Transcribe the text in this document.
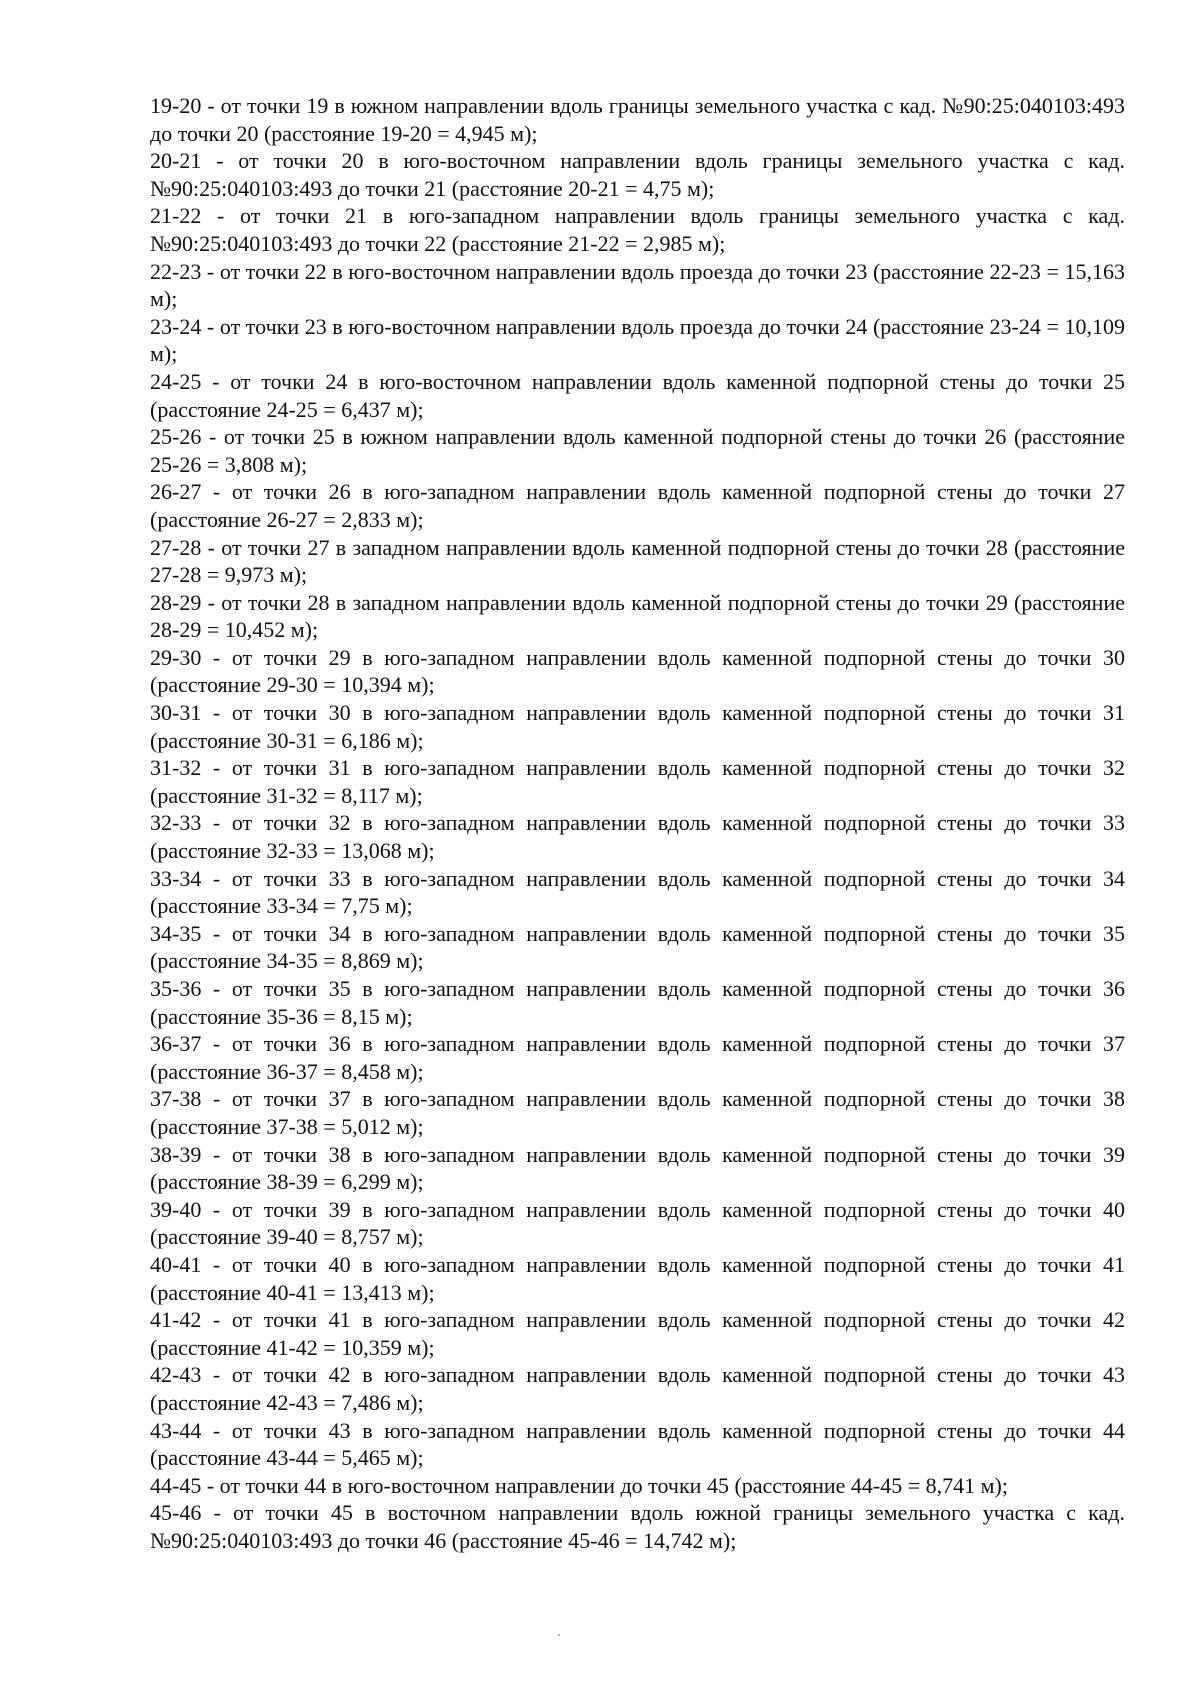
19-20 - от точки 19 в южном направлении вдоль границы земельного участка с кад. №90:25:040103:493 до точки 20 (расстояние 19-20 = 4,945 м);

20-21 - от точки 20 в юго-восточном направлении вдоль границы земельного участка с кад. №90:25:040103:493 до точки 21 (расстояние 20-21 = 4,75 м);

21-22 - от точки 21 в юго-западном направлении вдоль границы земельного участка с кад. №90:25:040103:493 до точки 22 (расстояние 21-22 = 2,985 м);

22-23 - от точки 22 в юго-восточном направлении вдоль проезда до точки 23 (расстояние 22-23 = 15,163 м);

23-24 - от точки 23 в юго-восточном направлении вдоль проезда до точки 24 (расстояние 23-24 = 10,109 м);

24-25 - от точки 24 в юго-восточном направлении вдоль каменной подпорной стены до точки 25 (расстояние 24-25 = 6,437 м);

25-26 - от точки 25 в южном направлении вдоль каменной подпорной стены до точки 26 (расстояние 25-26 = 3,808 м);

26-27 - от точки 26 в юго-западном направлении вдоль каменной подпорной стены до точки 27 (расстояние 26-27 = 2,833 м);

27-28 - от точки 27 в западном направлении вдоль каменной подпорной стены до точки 28 (расстояние 27-28 = 9,973 м);

28-29 - от точки 28 в западном направлении вдоль каменной подпорной стены до точки 29 (расстояние 28-29 = 10,452 м);

29-30 - от точки 29 в юго-западном направлении вдоль каменной подпорной стены до точки 30 (расстояние 29-30 = 10,394 м);

30-31 - от точки 30 в юго-западном направлении вдоль каменной подпорной стены до точки 31 (расстояние 30-31 = 6,186 м);

31-32 - от точки 31 в юго-западном направлении вдоль каменной подпорной стены до точки 32 (расстояние 31-32 = 8,117 м);

32-33 - от точки 32 в юго-западном направлении вдоль каменной подпорной стены до точки 33 (расстояние 32-33 = 13,068 м);

33-34 - от точки 33 в юго-западном направлении вдоль каменной подпорной стены до точки 34 (расстояние 33-34 = 7,75 м);

34-35 - от точки 34 в юго-западном направлении вдоль каменной подпорной стены до точки 35 (расстояние 34-35 = 8,869 м);

35-36 - от точки 35 в юго-западном направлении вдоль каменной подпорной стены до точки 36 (расстояние 35-36 = 8,15 м);

36-37 - от точки 36 в юго-западном направлении вдоль каменной подпорной стены до точки 37 (расстояние 36-37 = 8,458 м);

37-38 - от точки 37 в юго-западном направлении вдоль каменной подпорной стены до точки 38 (расстояние 37-38 = 5,012 м);

38-39 - от точки 38 в юго-западном направлении вдоль каменной подпорной стены до точки 39 (расстояние 38-39 = 6,299 м);

39-40 - от точки 39 в юго-западном направлении вдоль каменной подпорной стены до точки 40 (расстояние 39-40 = 8,757 м);

40-41 - от точки 40 в юго-западном направлении вдоль каменной подпорной стены до точки 41 (расстояние 40-41 = 13,413 м);

41-42 - от точки 41 в юго-западном направлении вдоль каменной подпорной стены до точки 42 (расстояние 41-42 = 10,359 м);

42-43 - от точки 42 в юго-западном направлении вдоль каменной подпорной стены до точки 43 (расстояние 42-43 = 7,486 м);

43-44 - от точки 43 в юго-западном направлении вдоль каменной подпорной стены до точки 44 (расстояние 43-44 = 5,465 м);

44-45 - от точки 44 в юго-восточном направлении до точки 45 (расстояние 44-45 = 8,741 м);

45-46 - от точки 45 в восточном направлении вдоль южной границы земельного участка с кад. №90:25:040103:493 до точки 46 (расстояние 45-46 = 14,742 м);
